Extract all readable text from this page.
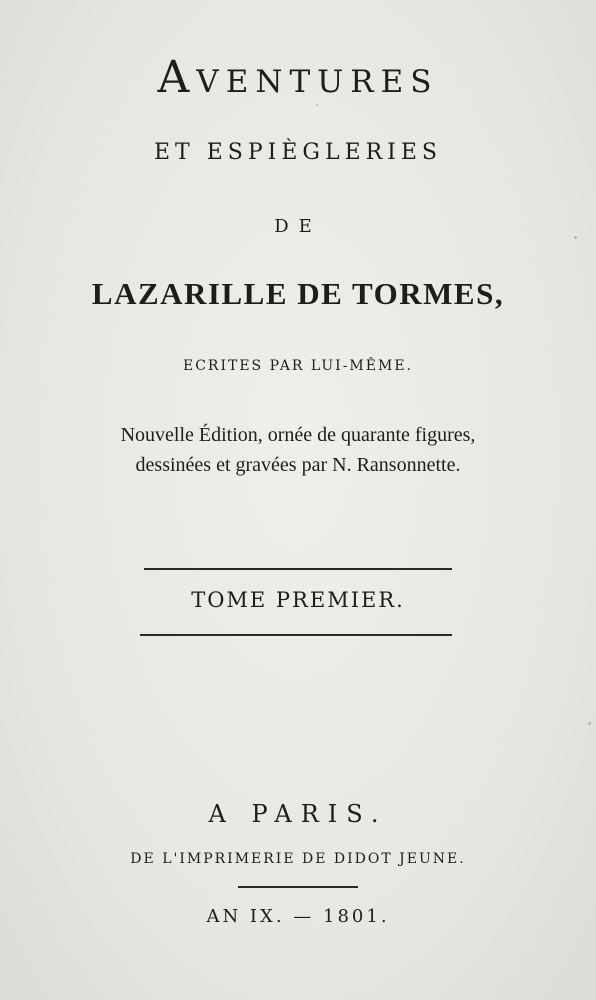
Aventures
ET ESPIÈGLERIES
DE
LAZARILLE DE TORMES,
ECRITES PAR LUI-MÊME.
Nouvelle Édition, ornée de quarante figures,
dessinées et gravées par N. Ransonnette.
TOME PREMIER.
A PARIS.
DE L'IMPRIMERIE DE DIDOT JEUNE.
AN IX. — 1801.
